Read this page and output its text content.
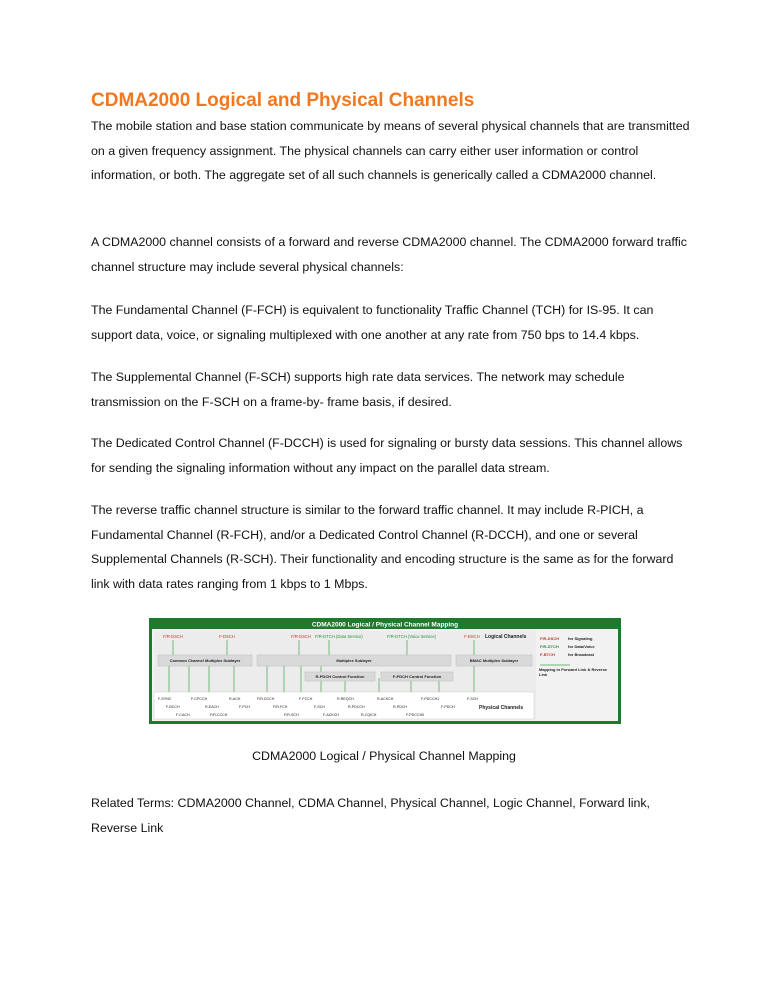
CDMA2000 Logical and Physical Channels

The mobile station and base station communicate by means of several physical channels that are transmitted on a given frequency assignment. The physical channels can carry either user information or control information, or both. The aggregate set of all such channels is generically called a CDMA2000 channel.

A CDMA2000 channel consists of a forward and reverse CDMA2000 channel. The CDMA2000 forward traffic channel structure may include several physical channels:

The Fundamental Channel (F-FCH) is equivalent to functionality Traffic Channel (TCH) for IS-95. It can support data, voice, or signaling multiplexed with one another at any rate from 750 bps to 14.4 kbps.

The Supplemental Channel (F-SCH) supports high rate data services. The network may schedule transmission on the F-SCH on a frame-by- frame basis, if desired.

The Dedicated Control Channel (F-DCCH) is used for signaling or bursty data sessions. This channel allows for sending the signaling information without any impact on the parallel data stream.

The reverse traffic channel structure is similar to the forward traffic channel. It may include R-PICH, a Fundamental Channel (R-FCH), and/or a Dedicated Control Channel (R-DCCH), and one or several Supplemental Channels (R-SCH). Their functionality and encoding structure is the same as for the forward link with data rates ranging from 1 kbps to 1 Mbps.

CDMA2000 Logical / Physical Channel Mapping
F/R-DSCH	F-DSCH	F/R-DSCH F/R-DTCH (Data Service)	F/R-DTCH (Voice Service)	F-BSCH Logical Channels
Common Channel Multiplex Sublayer	Multiplex Sublayer	BMAC Multiplex Sublayer
R-PDCH Control Function	F-PDCH Control Function
Physical Channels
F-SYNC	F-CPCCH	R-ACH	F/R-DCCH	F-FCCH	R-REQCH	R-ACKCH	F-PDCCH1	F-SCH
F-BCCH	R-EACH	F-PCH	F/R-FCH	F-SCH	R-PDCCH	R-PDCH	F-PDCH
F-CACH	F/R-CCCH	F/R-SCH	F-ACKCH	R-CQICH	F-PDCCH0
F/R-DSCH for Signaling
F/R-DTCH for Data/Voice
F-BTCH	for Broadcast
Mapping in Forward Link & Reverse Link
CDMA2000 Logical / Physical Channel Mapping

Related Terms: CDMA2000 Channel, CDMA Channel, Physical Channel, Logic Channel, Forward link, Reverse Link
